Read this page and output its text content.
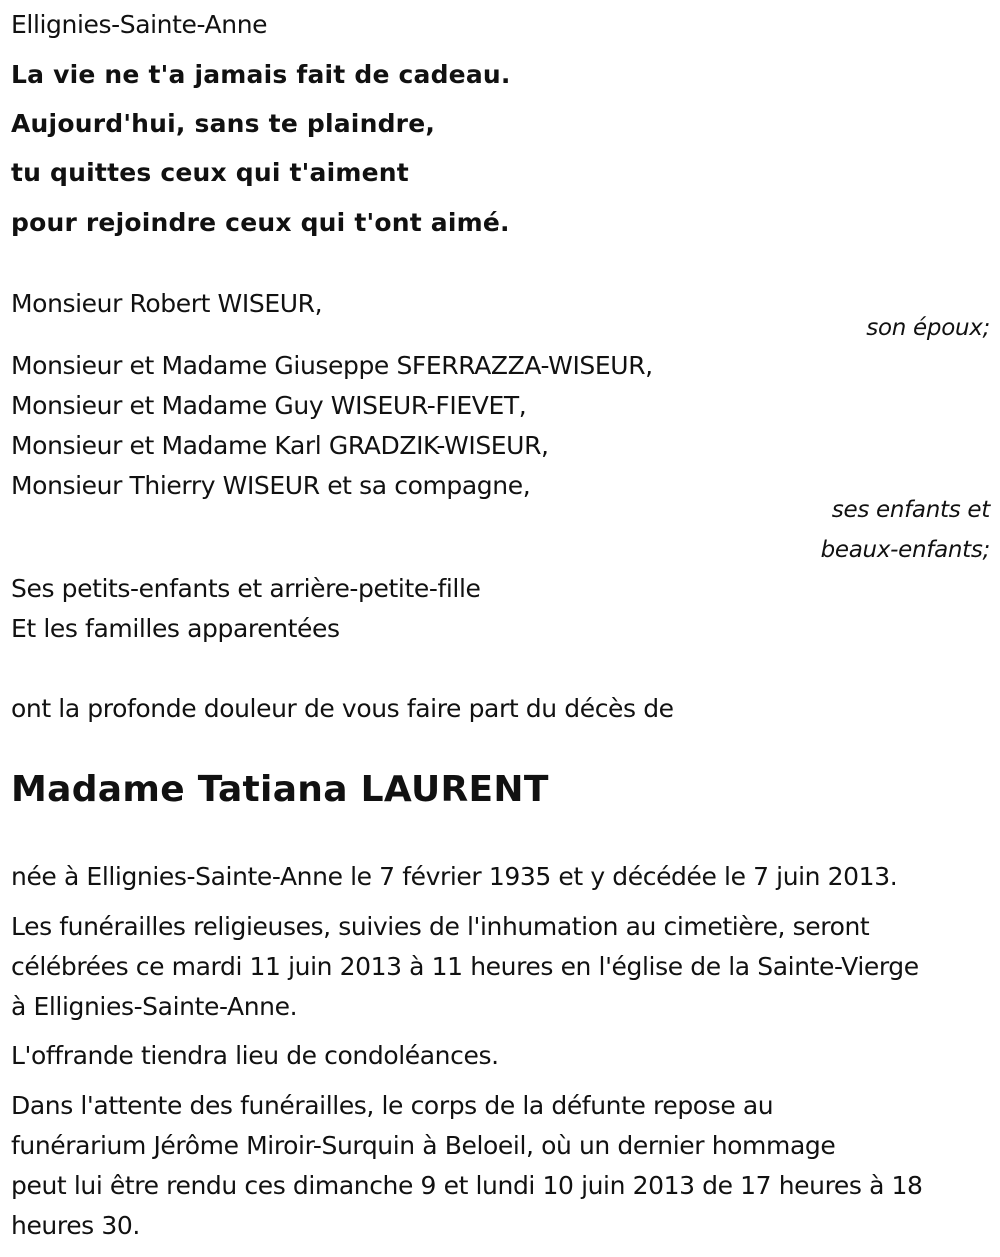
Ellignies-Sainte-Anne
La vie ne t'a jamais fait de cadeau.
Aujourd'hui, sans te plaindre,
tu quittes ceux qui t'aiment
pour rejoindre ceux qui t'ont aimé.
Monsieur Robert WISEUR,
son époux;
Monsieur et Madame Giuseppe SFERRAZZA-WISEUR,
Monsieur et Madame Guy WISEUR-FIEVET,
Monsieur et Madame Karl GRADZIK-WISEUR,
Monsieur Thierry WISEUR et sa compagne,
ses enfants et
beaux-enfants;
Ses petits-enfants et arrière-petite-fille
Et les familles apparentées
ont la profonde douleur de vous faire part du décès de
Madame Tatiana LAURENT
née à Ellignies-Sainte-Anne le 7 février 1935 et y décédée le 7 juin 2013.
Les funérailles religieuses, suivies de l'inhumation au cimetière, seront
célébrées ce mardi 11 juin 2013 à 11 heures en l'église de la Sainte-Vierge
à Ellignies-Sainte-Anne.
L'offrande tiendra lieu de condoléances.
Dans l'attente des funérailles, le corps de la défunte repose au
funérarium Jérôme Miroir-Surquin à Beloeil, où un dernier hommage
peut lui être rendu ces dimanche 9 et lundi 10 juin 2013 de 17 heures à 18
heures 30.
